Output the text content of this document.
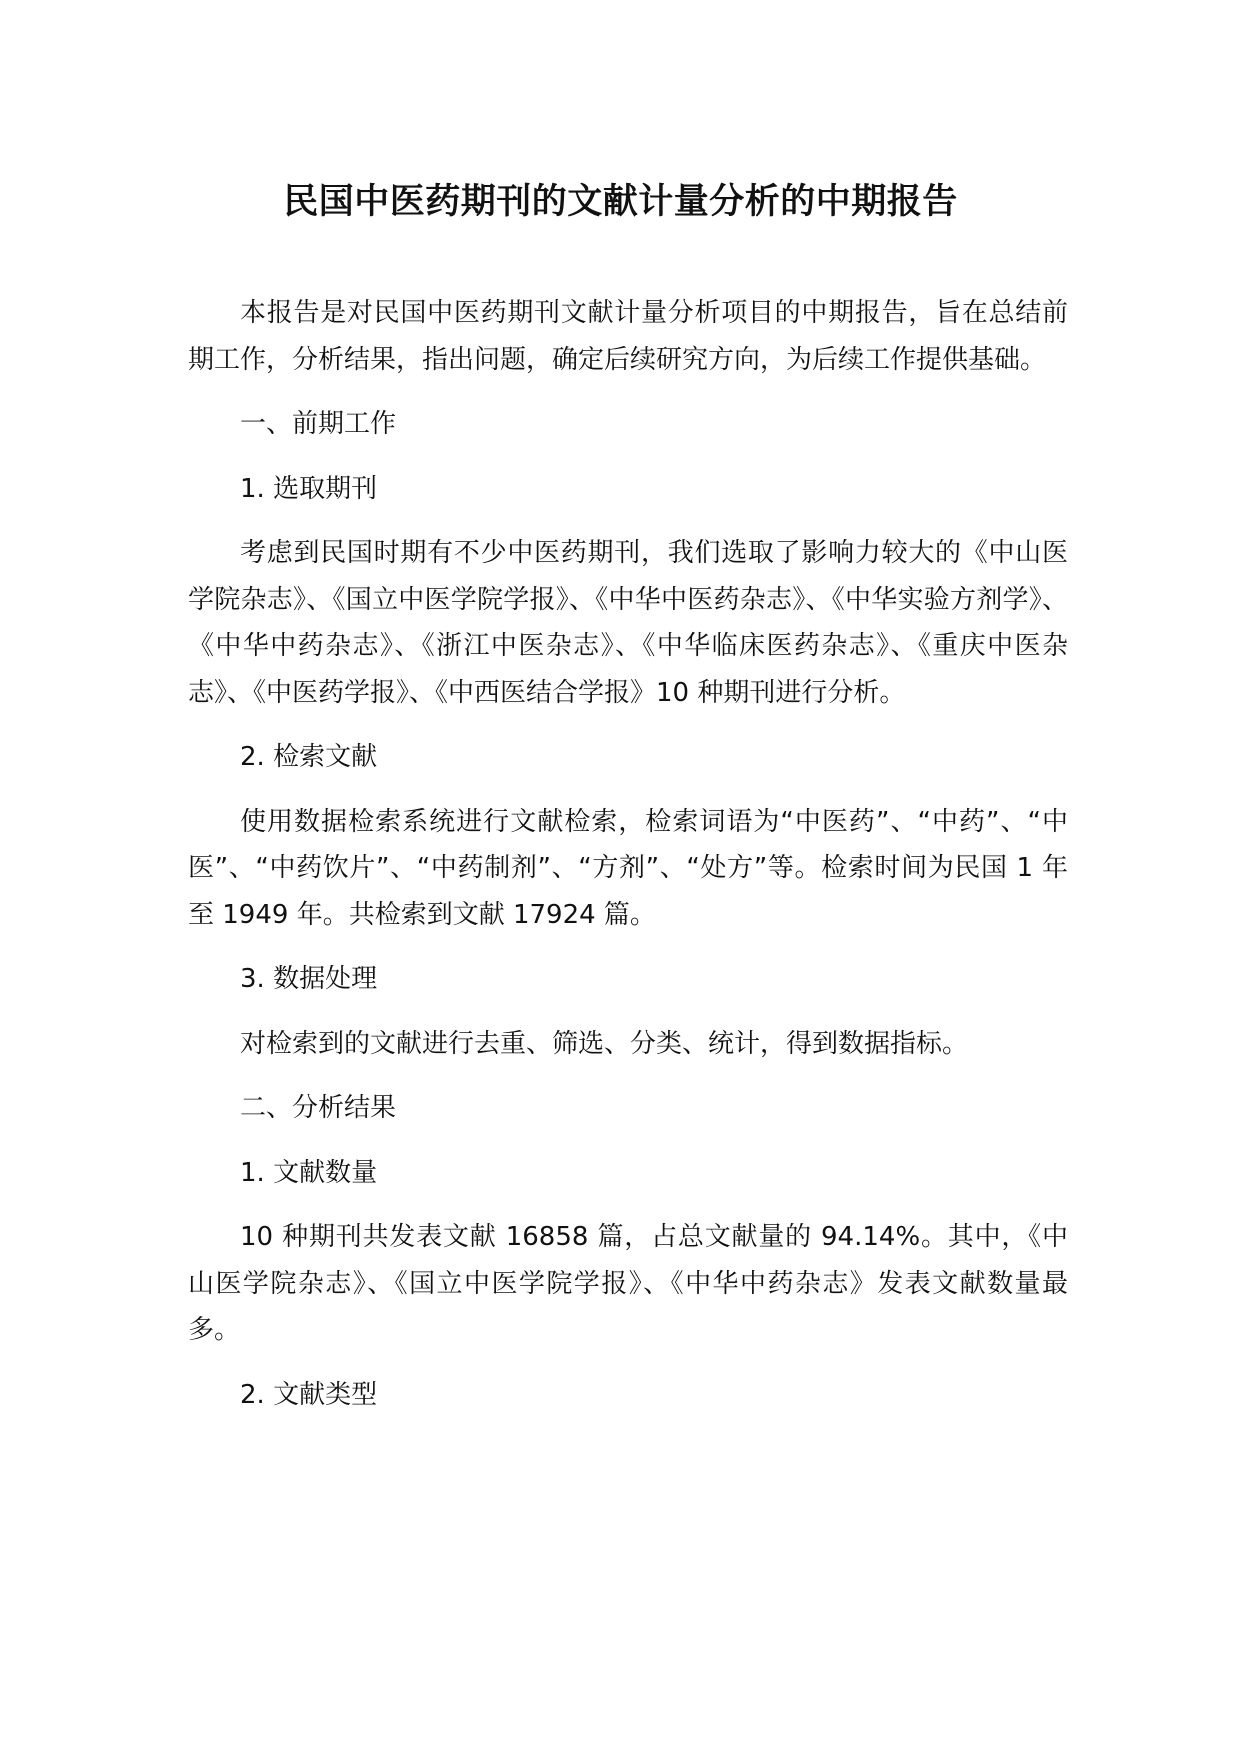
民国中医药期刊的文献计量分析的中期报告

本报告是对民国中医药期刊文献计量分析项目的中期报告，旨在总结前期工作，分析结果，指出问题，确定后续研究方向，为后续工作提供基础。

一、前期工作

1. 选取期刊

考虑到民国时期有不少中医药期刊，我们选取了影响力较大的《中山医学院杂志》、《国立中医学院学报》、《中华中医药杂志》、《中华实验方剂学》、《中华中药杂志》、《浙江中医杂志》、《中华临床医药杂志》、《重庆中医杂志》、《中医药学报》、《中西医结合学报》10 种期刊进行分析。

2. 检索文献

使用数据检索系统进行文献检索，检索词语为“中医药”、“中药”、“中医”、“中药饮片”、“中药制剂”、“方剂”、“处方”等。检索时间为民国 1 年至 1949 年。共检索到文献 17924 篇。

3. 数据处理

对检索到的文献进行去重、筛选、分类、统计，得到数据指标。

二、分析结果

1. 文献数量

10 种期刊共发表文献 16858 篇，占总文献量的 94.14%。其中，《中山医学院杂志》、《国立中医学院学报》、《中华中药杂志》发表文献数量最多。

2. 文献类型
